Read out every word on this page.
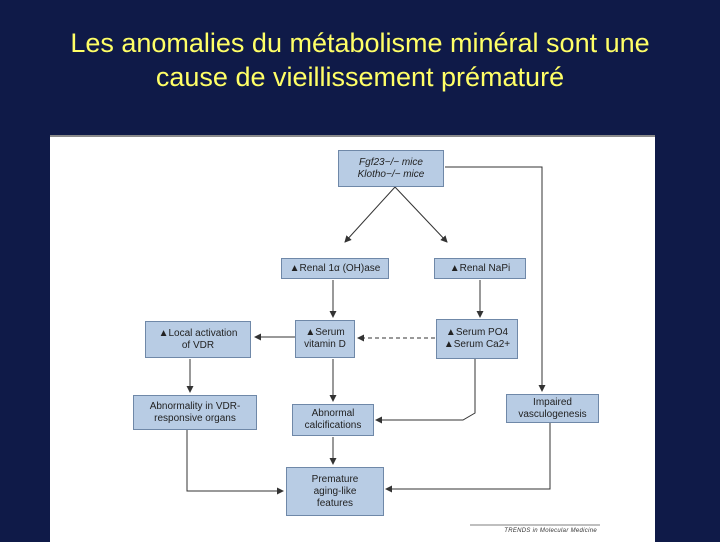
Les anomalies du métabolisme minéral sont une
cause de vieillissement prématuré
Fgf23−/− mice
Klotho−/− mice
▲Renal 1α (OH)ase	▲Renal NaPi
▲Local activation
of VDR
▲Serum
vitamin D
▲Serum PO4
▲Serum Ca2+
Abnormality in VDR-
responsive organs	Abnormal
calcifications
Impaired
vasculogenesis
Premature
aging-like
features
TRENDS in Molecular Medicine
